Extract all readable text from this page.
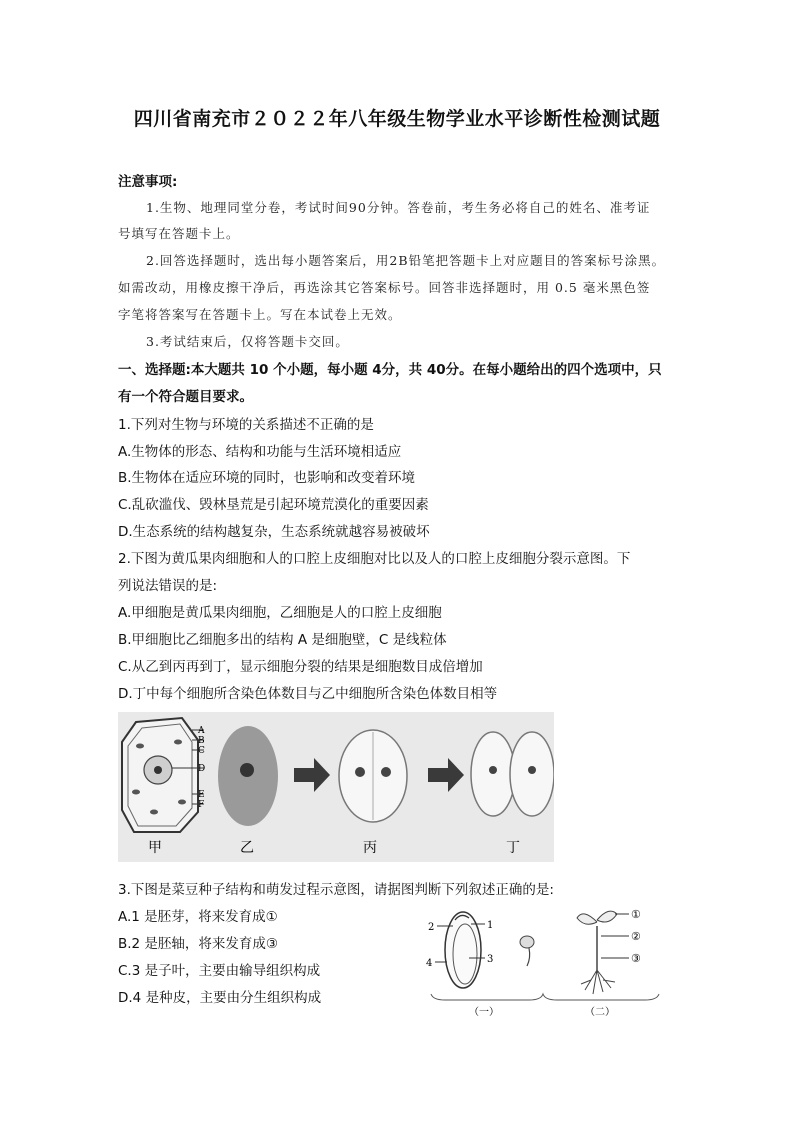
四川省南充市２０２２年八年级生物学业水平诊断性检测试题
注意事项:
1.生物、地理同堂分卷，考试时间90分钟。答卷前，考生务必将自己的姓名、准考证
号填写在答题卡上。
2.回答选择题时，选出每小题答案后，用2B铅笔把答题卡上对应题目的答案标号涂黑。
如需改动，用橡皮擦干净后，再选涂其它答案标号。回答非选择题时，用 0.5 毫米黑色签
字笔将答案写在答题卡上。写在本试卷上无效。
3.考试结束后，仅将答题卡交回。
一、选择题:本大题共 10 个小题，每小题 4分，共 40分。在每小题给出的四个选项中，只
有一个符合题目要求。
1.下列对生物与环境的关系描述不正确的是
A.生物体的形态、结构和功能与生活环境相适应
B.生物体在适应环境的同时，也影响和改变着环境
C.乱砍滥伐、毁林垦荒是引起环境荒漠化的重要因素
D.生态系统的结构越复杂，生态系统就越容易被破坏
2.下图为黄瓜果肉细胞和人的口腔上皮细胞对比以及人的口腔上皮细胞分裂示意图。下
列说法错误的是:
A.甲细胞是黄瓜果肉细胞，乙细胞是人的口腔上皮细胞
B.甲细胞比乙细胞多出的结构 A 是细胞壁，C 是线粒体
C.从乙到丙再到丁，显示细胞分裂的结果是细胞数目成倍增加
D.丁中每个细胞所含染色体数目与乙中细胞所含染色体数目相等
A
B
C
D
E
F
甲	乙	丙	丁
3.下图是菜豆种子结构和萌发过程示意图，请据图判断下列叙述正确的是:
A.1 是胚芽，将来发育成①
B.2 是胚轴，将来发育成③
C.3 是子叶，主要由输导组织构成
D.4 是种皮，主要由分生组织构成
2	1
3
4
①
②
③
（一）	（二）
